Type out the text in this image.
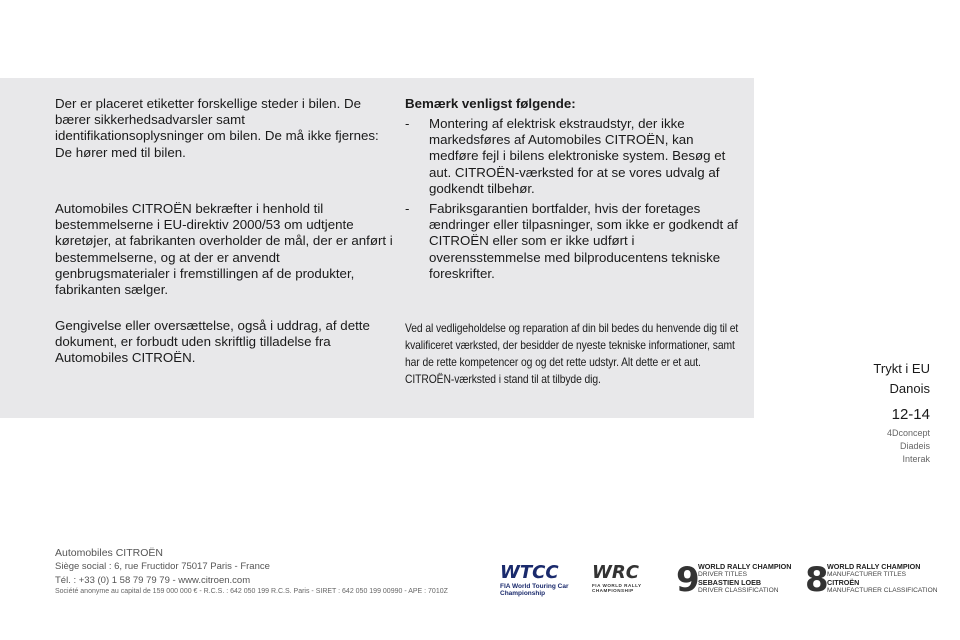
Der er placeret etiketter forskellige steder i bilen. De bærer sikkerhedsadvarsler samt identifikationsoplysninger om bilen. De må ikke fjernes: De hører med til bilen.

Automobiles CITROËN bekræfter i henhold til bestemmelserne i EU-direktiv 2000/53 om udtjente køretøjer, at fabrikanten overholder de mål, der er anført i bestemmelserne, og at der er anvendt genbrugsmaterialer i fremstillingen af de produkter, fabrikanten sælger.

Gengivelse eller oversættelse, også i uddrag, af dette dokument, er forbudt uden skriftlig tilladelse fra Automobiles CITROËN.

Bemærk venligst følgende:

- Montering af elektrisk ekstraudstyr, der ikke markedsføres af Automobiles CITROËN, kan medføre fejl i bilens elektroniske system. Besøg et aut. CITROËN-værksted for at se vores udvalg af godkendt tilbehør.
- Fabriksgarantien bortfalder, hvis der foretages ændringer eller tilpasninger, som ikke er godkendt af CITROËN eller som er ikke udført i overensstemmelse med bilproducentens tekniske foreskrifter.

Ved al vedligeholdelse og reparation af din bil bedes du henvende dig til et kvalificeret værksted, der besidder de nyeste tekniske informationer, samt har de rette kompetencer og og det rette udstyr. Alt dette er et aut. CITROËN-værksted i stand til at tilbyde dig.

Trykt i EU
Danois
12-14
4Dconcept
Diadeis
Interak
Automobiles CITROËN
Siège social : 6, rue Fructidor 75017 Paris - France
Tél. : +33 (0) 1 58 79 79 79 - www.citroen.com
Société anonyme au capital de 159 000 000 € - R.C.S. : 642 050 199 R.C.S. Paris - SIRET : 642 050 199 00990 - APE : 7010Z
WTCC
FIA World Touring Car
Championship
WRC
FIA WORLD RALLY CHAMPIONSHIP	9
WORLD RALLY CHAMPION
DRIVER TITLES
SEBASTIEN LOEB
DRIVER CLASSIFICATION 8
WORLD RALLY CHAMPION
MANUFACTURER TITLES
CITROËN
MANUFACTURER CLASSIFICATION
